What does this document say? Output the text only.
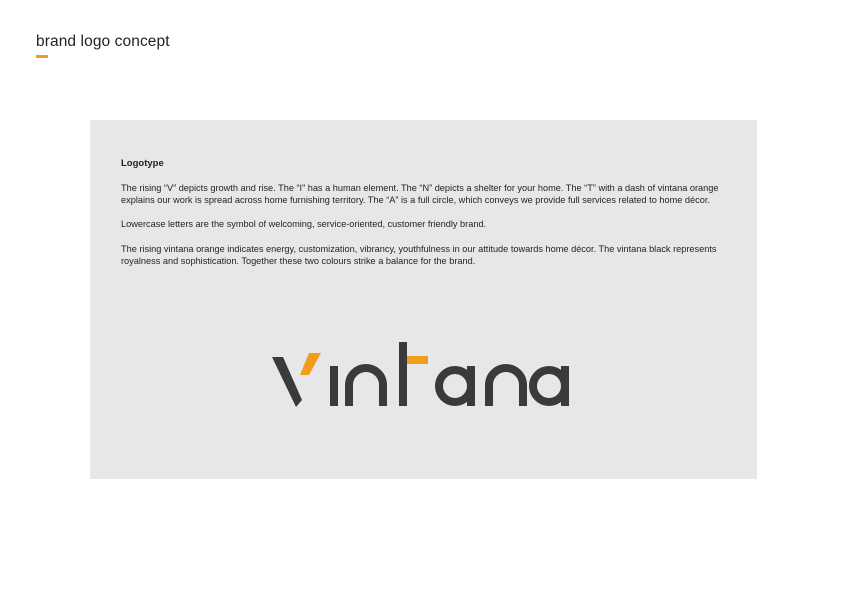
brand logo concept

Logotype

The rising “V” depicts growth and rise. The “I” has a human element. The “N” depicts a shelter for your home. The “T” with a dash of vintana orange explains our work is spread across home furnishing territory. The “A” is a full circle, which conveys we provide full services related to home décor.

Lowercase letters are the symbol of welcoming, service-oriented, customer friendly brand.

The rising vintana orange indicates energy, customization, vibrancy, youthfulness in our attitude towards home décor. The vintana black represents royalness and sophistication. Together these two colours strike a balance for the brand.
